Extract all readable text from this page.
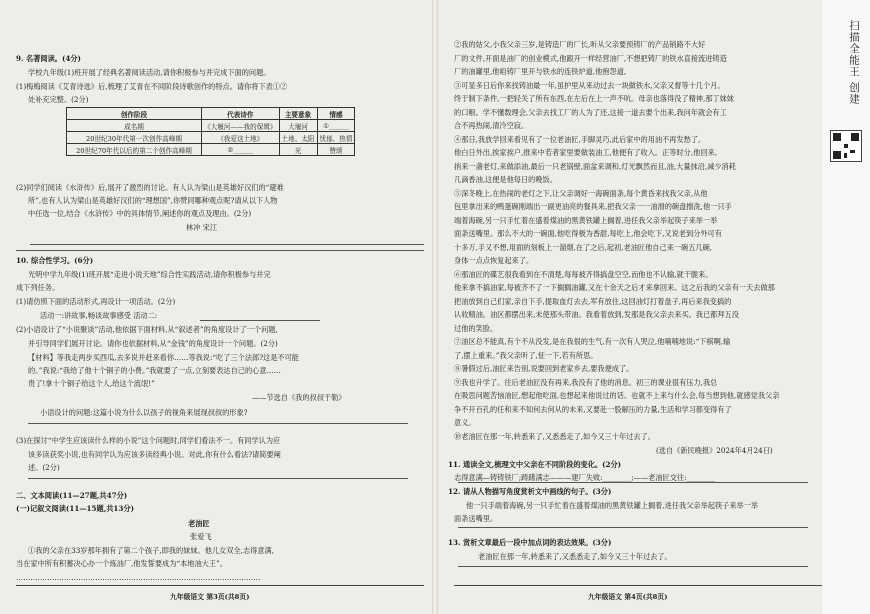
创作阶段	代表诗作	主要意象	情感
成名期	《大堰河——我的保姆》	大堰河	①______
20世纪30年代第一次创作高峰期	《我爱这土地》	土地、太阳	忧郁、热情
20世纪70年代以后的第二个创作高峰期	②______	光	赞颂
九年级语文 第3页(共8页)
9. 名著阅读。(4分)
学校九年级(1)班开展了经典名著阅读活动,请你积极参与并完成下面的问题。
(1)梅梅阅读《艾青诗选》后,梳理了艾青在不同阶段诗歌创作的特点。请你将下表①②
处补充完整。(2分)
(2)同学们阅读《水浒传》后,展开了激烈的讨论。有人认为梁山是英雄好汉们的“避难
所”,也有人认为梁山是英雄好汉们的“理想国”,你赞同哪种观点呢?请从以下人物
中任选一位,结合《水浒传》中的具体情节,阐述你的观点及理由。(2分)
林冲 宋江
10. 综合性学习。(6分)
光明中学九年级(1)班开展“走进小说天地”综合性实践活动,请你积极参与并完
成下列任务。
(1)请仿照下面的活动形式,再设计一项活动。(2分)
活动一:讲故事,畅谈故事感受 活动二:
(2)小语设计了“小说聚谈”活动,他依据下面材料,从“叙述者”的角度设计了一个问题,
并引导同学们展开讨论。请你也依据材料,从“金钱”的角度设计一个问题。(2分)
【材料】等我走两步买西瓜,去多说并赶来看你……等我说:“吃了三个法郎?这是不可能
的。”我说:“我给了他十个铜子的小费。”我就要了一点,立刻要表达自己的心意……
贵了!拿十个铜子给这个人,给这个流氓!”
——节选自《我的叔叔于勒》
小语设计的问题:这篇小说为什么以孩子的视角来展现叔叔的形象?
(3)在探讨“中学生应该读什么样的小说”这个问题时,同学们看法不一。有同学认为应
该多读获奖小说,也有同学认为应该多读经典小说。对此,你有什么看法?请简要阐
述。(2分)
二、文本阅读(11—27题,共47分)
(一)记叙文阅读(11—15题,共13分)
老油匠
张爱飞
①我的父亲在33岁那年拥有了第二个孩子,即我的妹妹。他儿女双全,志得意满,
当在家中所有积蓄决心办一个炼油厂,他发誓要成为“本地油大王”。
…………………………………………………………………………………………
九年级语文 第4页(共8页)
②我的姑父,小我父亲三岁,是铸造厂的厂长,听从父亲要预铸厂的产品销路不大好
厂的文件,开面是油厂的创业模式,他跟开一样经营油厂,不想把铸厂的铁水直接流进铸造
厂的油罐里,他咱铸厂里开与铁水的连铁炉道,他抱怨道,
③可显多日后你来找铸油最一年,虽护里从来动过去一块做铁水,父亲又督等十几个月。
终于制下条件,一把轻关了所有东西,在左后在上一声不吭。母亲也落得没了精神,那丁妹妹
的口粮。学不懂数理会,父亲去找工厂的人为了还,这接一道去要个出来,我问年就会有工
合不再热闹,清冷空寂。
④那日,我放学回来看见有了一位老油匠,手脚灵巧,此后家中的用油不再发愁了。
他白日外出,挨家挨户,推来中若者家里要做装油工,他便有了收入。正等时分,他回来,
捎来一盏老灯,来做添油,最后一只老锅壁,面盆来调和,灯光飘然而且,油,大量抹沿,减少消耗
几滴香油,这便是他每日的晚饭。
⑤深冬晚上,在热闹的老灯之下,让父亲调好一海碗面条,每个黄昏来找我父亲,从他
包里拿出来的鸭蛋碗刚端出一副更油亮的餐具来,把我父亲一一油滑的碗盘擦洗,他一只手
端着海碗,另一只手忙着在盛着煤油的黑黄铁罐上搁着,进任我父亲举起筷子来举一举
面条送嘴里。那么不大的一碗面,他吃得极为香甜,每吃上,他会吃下,又说老到分外可有
十多万,手又不想,用面的刻板上一溜烟,在了之后,起初,老油匠他自己来一碗五几碗,
身体一点点恢复起来了。
⑥那油匠的碟艺很我看到在不清楚,每每被齐得搞盘空空,而他也不认输,就干脆来。
他来拿不搞油家,每被齐不了一下搁搁油罐,又在十余天之后才来拿回来。这之后我的父亲有一天去做那
把油放到自己们家,亲自下手,提取血灯去去,军有放住,这回油灯打着盘子,再后来我变搞的
认收精油。油区都摆出来,未使那头带油。我看着放到,发那是我父亲去来买。我已都拜五没
过他的笑脸。
⑦油区总不能真,有个不从没发,是在我很的生气,有一次有人哭泣,他喃喃地说:“下棋啊,输
了,摆上重来。”我父亲听了,怔一下,若有所思。
⑧暑假过后,油匠来告别,说要回到老家乡去,要我便成了。
⑨我也升学了。往后老油匠没有再来,我没有了他的消息。初三的课业很有压力,我总
在吸思问题苦恼油匠,想起他吃面,也想起来他说过的话。也就不上来与什么会,每当想到他,就感觉我父亲
争不开百孔的任和来不知何去何从的未来,又要赴一股解压的力量,生活和学习都变得有了
意义。
⑩老油匠在那一年,转悉来了,又悉悉走了,如今又三十年过去了。
(选自《新民晚报》2024年4月24日)
11. 通读全文,梳理文中父亲在不同阶段的变化。(2分)
志得意满—铸铸铁厂;踌躇满志———建厂失败:________;——老油匠交往:________
12. 请从人物描写角度赏析文中画线的句子。(3分)
他一只手端着海碗,另一只手忙着在盛着煤油的黑黄铁罐上搁着,进任我父亲举起筷子来举一举
面条送嘴里。
13. 赏析文章最后一段中加点词的表达效果。(3分)
老油匠在那一年,转悉来了,又悉悉走了,如今又三十年过去了。
扫描全能王 创建
